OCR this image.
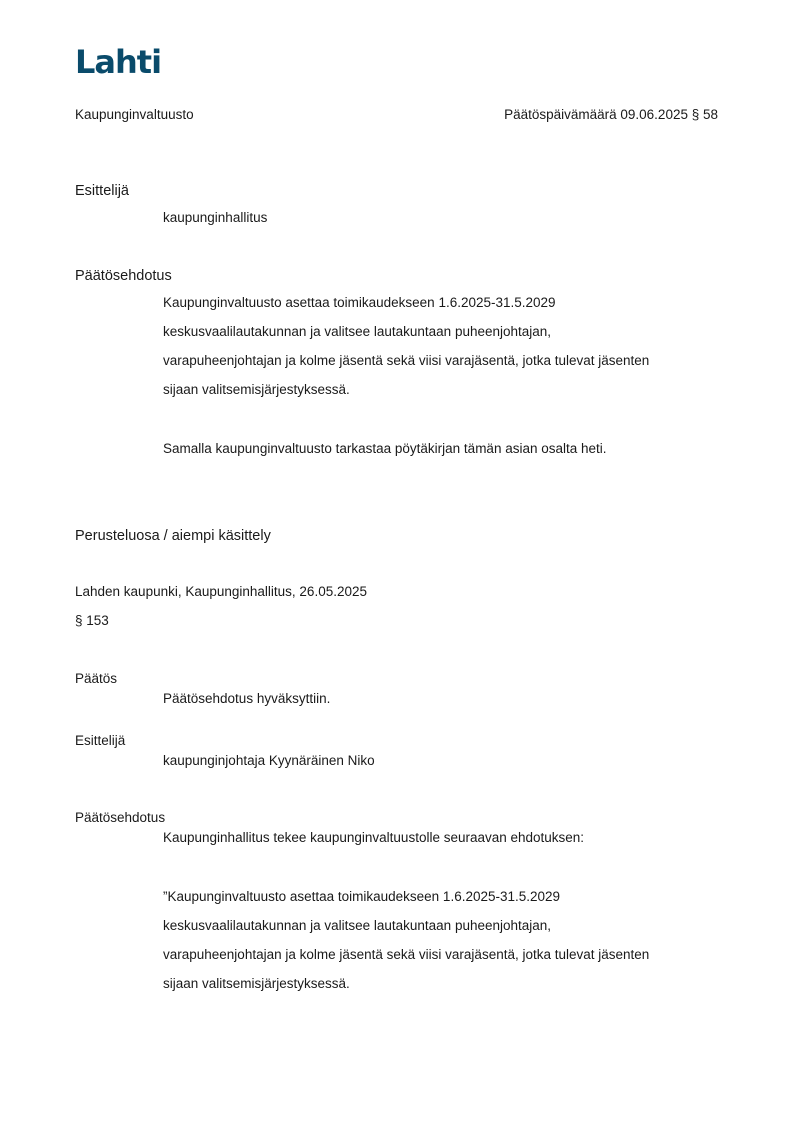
Lahti
Kaupunginvaltuusto	Päätöspäivämäärä 09.06.2025 § 58
Esittelijä
kaupunginhallitus
Päätösehdotus
Kaupunginvaltuusto asettaa toimikaudekseen 1.6.2025-31.5.2029
keskusvaalilautakunnan ja valitsee lautakuntaan puheenjohtajan,
varapuheenjohtajan ja kolme jäsentä sekä viisi varajäsentä, jotka tulevat jäsenten
sijaan valitsemisjärjestyksessä.
Samalla kaupunginvaltuusto tarkastaa pöytäkirjan tämän asian osalta heti.
Perusteluosa / aiempi käsittely
Lahden kaupunki, Kaupunginhallitus, 26.05.2025
§ 153
Päätös
Päätösehdotus hyväksyttiin.
Esittelijä
kaupunginjohtaja Kyynäräinen Niko
Päätösehdotus
Kaupunginhallitus tekee kaupunginvaltuustolle seuraavan ehdotuksen:
”Kaupunginvaltuusto asettaa toimikaudekseen 1.6.2025-31.5.2029
keskusvaalilautakunnan ja valitsee lautakuntaan puheenjohtajan,
varapuheenjohtajan ja kolme jäsentä sekä viisi varajäsentä, jotka tulevat jäsenten
sijaan valitsemisjärjestyksessä.
